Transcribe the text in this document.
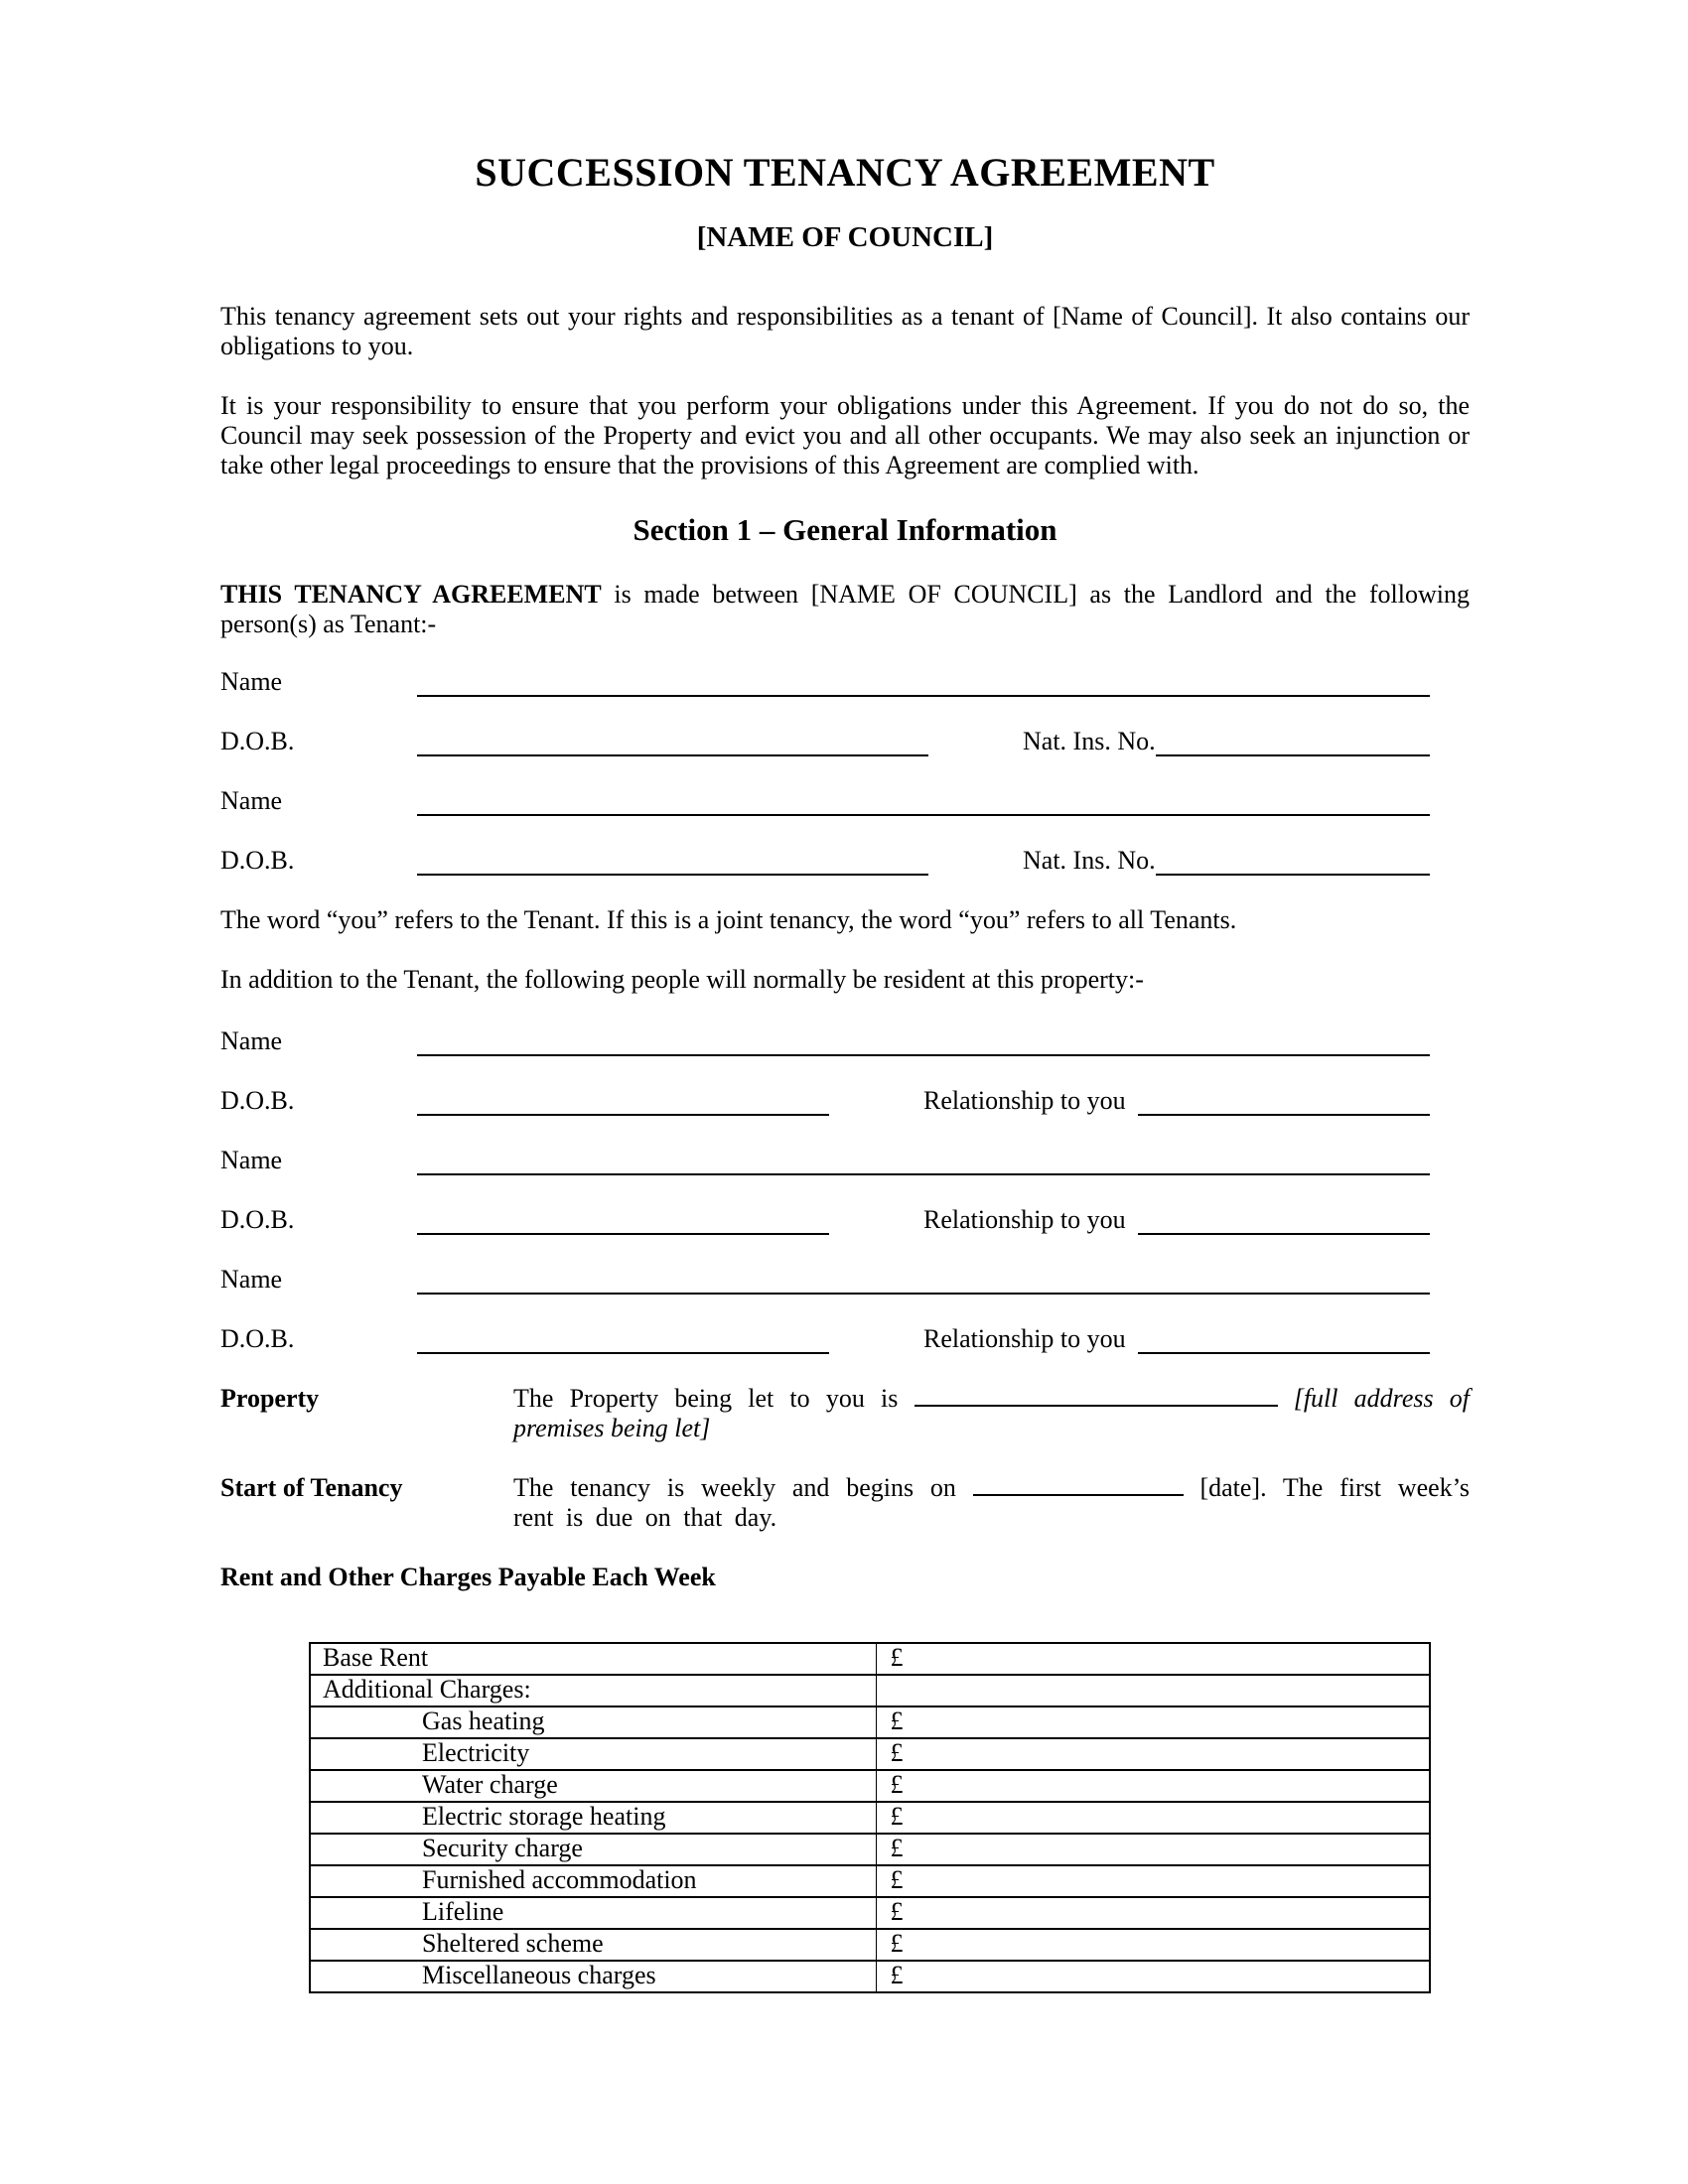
SUCCESSION TENANCY AGREEMENT
[NAME OF COUNCIL]

This tenancy agreement sets out your rights and responsibilities as a tenant of [Name of Council]. It also contains our obligations to you.

It is your responsibility to ensure that you perform your obligations under this Agreement. If you do not do so, the Council may seek possession of the Property and evict you and all other occupants. We may also seek an injunction or take other legal proceedings to ensure that the provisions of this Agreement are complied with.

Section 1 – General Information

THIS TENANCY AGREEMENT is made between [NAME OF COUNCIL] as the Landlord and the following person(s) as Tenant:-

Name
D.O.B.	Nat. Ins. No.
Name
D.O.B.	Nat. Ins. No.

The word “you” refers to the Tenant. If this is a joint tenancy, the word “you” refers to all Tenants.

In addition to the Tenant, the following people will normally be resident at this property:-

Name
D.O.B.	Relationship to you
Name
D.O.B.	Relationship to you
Name
D.O.B.	Relationship to you
Property	The Property being let to you is	[full address of premises being let]
Start of Tenancy	The tenancy is weekly and begins on	[date]. The first week’s rent is due on that day.

Rent and Other Charges Payable Each Week

Base Rent	£
Additional Charges:	
Gas heating	£
Electricity	£
Water charge	£
Electric storage heating	£
Security charge	£
Furnished accommodation	£
Lifeline	£
Sheltered scheme	£
Miscellaneous charges	£
